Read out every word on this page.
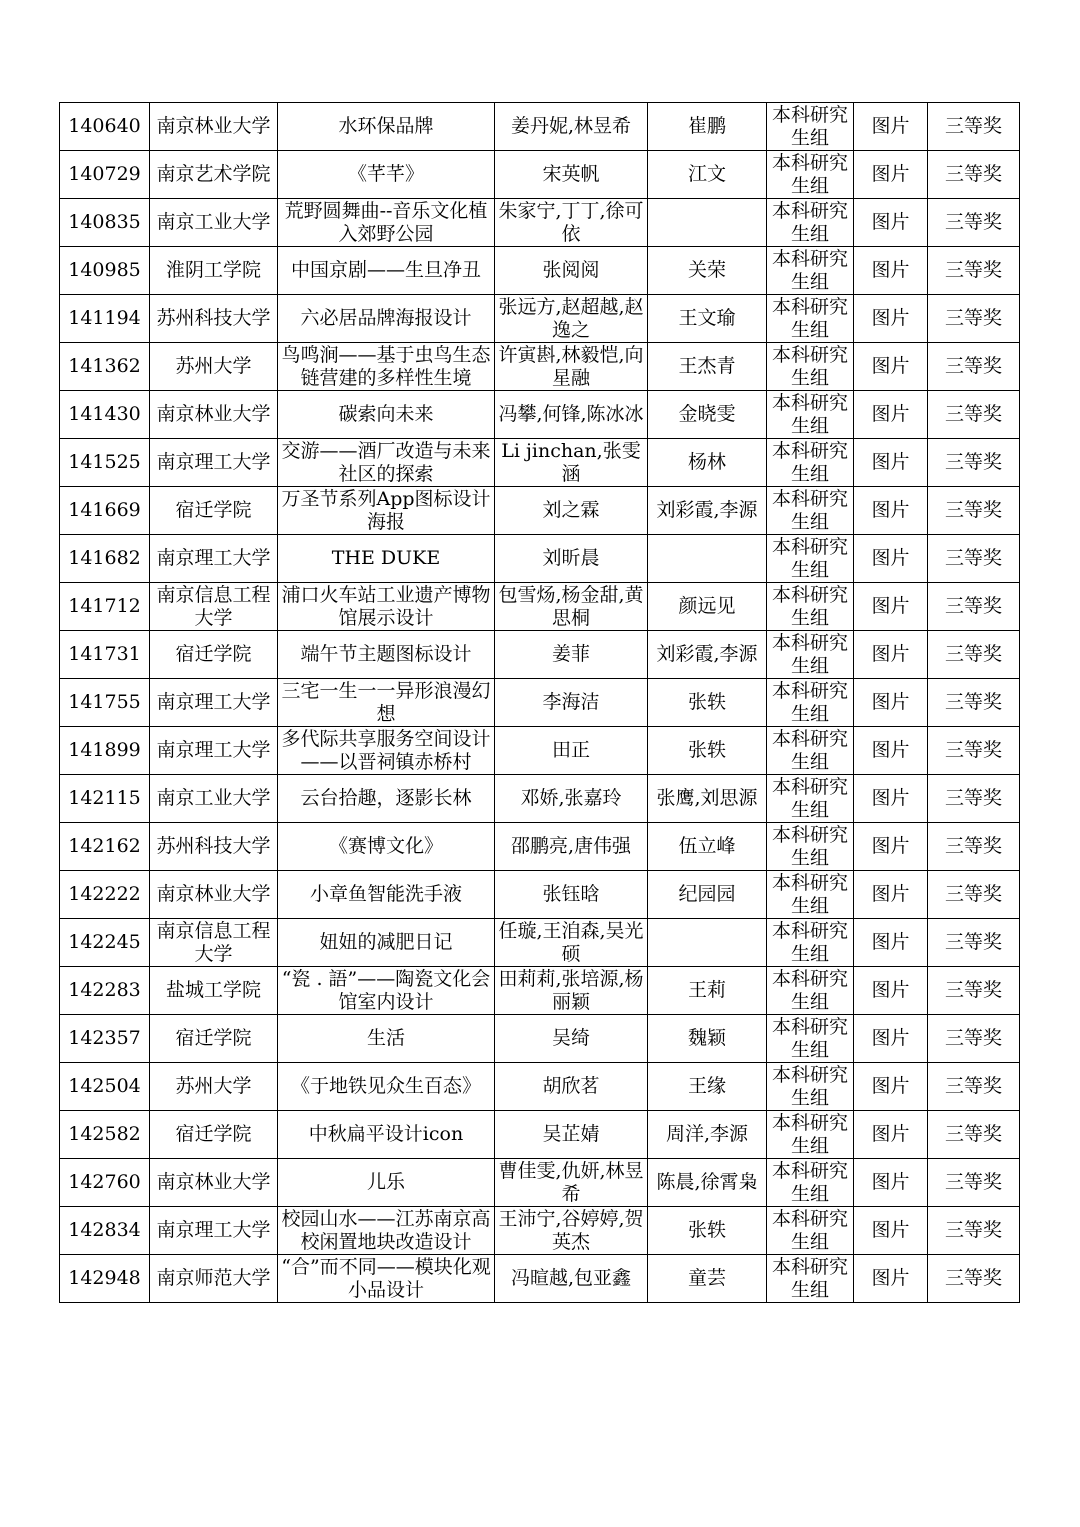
140640	南京林业大学	水环保品牌	姜丹妮,林昱希	崔鹏	本科研究生组	图片	三等奖
140729	南京艺术学院	《芊芊》	宋英帆	江文	本科研究生组	图片	三等奖
140835	南京工业大学	荒野圆舞曲--音乐文化植入郊野公园	朱家宁,丁丁,徐可依		本科研究生组	图片	三等奖
140985	淮阴工学院	中国京剧——生旦净丑	张阅阅	关荣	本科研究生组	图片	三等奖
141194	苏州科技大学	六必居品牌海报设计	张远方,赵超越,赵逸之	王文瑜	本科研究生组	图片	三等奖
141362	苏州大学	鸟鸣涧——基于虫鸟生态链营建的多样性生境	许寅斟,林毅恺,向星融	王杰青	本科研究生组	图片	三等奖
141430	南京林业大学	碳索向未来	冯攀,何锋,陈冰冰	金晓雯	本科研究生组	图片	三等奖
141525	南京理工大学	交游——酒厂改造与未来社区的探索	Li jinchan,张雯涵	杨林	本科研究生组	图片	三等奖
141669	宿迁学院	万圣节系列App图标设计海报	刘之霖	刘彩霞,李源	本科研究生组	图片	三等奖
141682	南京理工大学	THE DUKE	刘昕晨		本科研究生组	图片	三等奖
141712	南京信息工程大学	浦口火车站工业遗产博物馆展示设计	包雪炀,杨金甜,黄思桐	颜远见	本科研究生组	图片	三等奖
141731	宿迁学院	端午节主题图标设计	姜菲	刘彩霞,李源	本科研究生组	图片	三等奖
141755	南京理工大学	三宅一生一一异形浪漫幻想	李海洁	张轶	本科研究生组	图片	三等奖
141899	南京理工大学	多代际共享服务空间设计——以晋祠镇赤桥村	田正	张轶	本科研究生组	图片	三等奖
142115	南京工业大学	云台拾趣，逐影长林	邓娇,张嘉玲	张鹰,刘思源	本科研究生组	图片	三等奖
142162	苏州科技大学	《赛博文化》	邵鹏亮,唐伟强	伍立峰	本科研究生组	图片	三等奖
142222	南京林业大学	小章鱼智能洗手液	张钰晗	纪园园	本科研究生组	图片	三等奖
142245	南京信息工程大学	妞妞的减肥日记	任璇,王洎森,吴光硕		本科研究生组	图片	三等奖
142283	盐城工学院	“瓷 . 語”——陶瓷文化会馆室内设计	田莉莉,张培源,杨丽颖	王莉	本科研究生组	图片	三等奖
142357	宿迁学院	生活	吴绮	魏颖	本科研究生组	图片	三等奖
142504	苏州大学	《于地铁见众生百态》	胡欣茗	王缘	本科研究生组	图片	三等奖
142582	宿迁学院	中秋扁平设计icon	吴芷婧	周洋,李源	本科研究生组	图片	三等奖
142760	南京林业大学	儿乐	曹佳雯,仇妍,林昱希	陈晨,徐霄枭	本科研究生组	图片	三等奖
142834	南京理工大学	校园山水——江苏南京高校闲置地块改造设计	王沛宁,谷婷婷,贺英杰	张轶	本科研究生组	图片	三等奖
142948	南京师范大学	“合”而不同——模块化观小品设计	冯暄越,包亚鑫	童芸	本科研究生组	图片	三等奖
